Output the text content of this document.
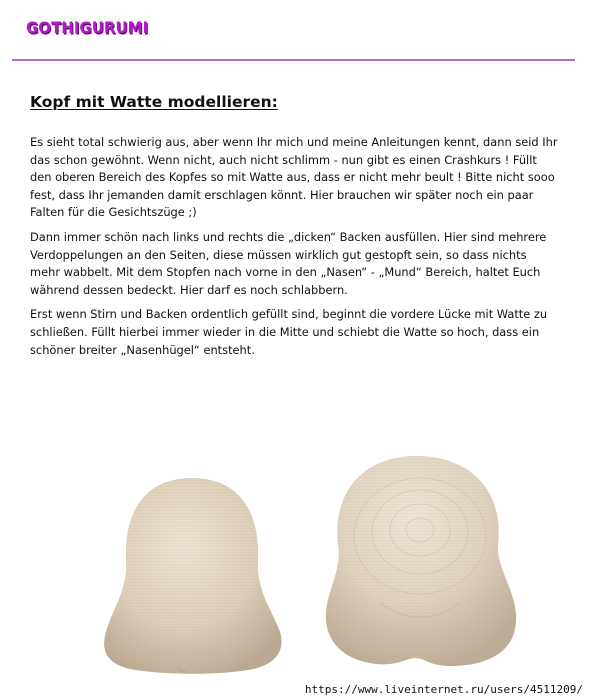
GOTHIGURUMI
Kopf mit Watte modellieren:

Es sieht total schwierig aus, aber wenn Ihr mich und meine Anleitungen kennt, dann seid Ihr das schon gewöhnt. Wenn nicht, auch nicht schlimm - nun gibt es einen Crashkurs ! Füllt den oberen Bereich des Kopfes so mit Watte aus, dass er nicht mehr beult ! Bitte nicht sooo fest, dass Ihr jemanden damit erschlagen könnt. Hier brauchen wir später noch ein paar Falten für die Gesichtszüge ;)

Dann immer schön nach links und rechts die „dicken“ Backen ausfüllen. Hier sind mehrere Verdoppelungen an den Seiten, diese müssen wirklich gut gestopft sein, so dass nichts mehr wabbelt. Mit dem Stopfen nach vorne in den „Nasen“ - „Mund“ Bereich, haltet Euch während dessen bedeckt. Hier darf es noch schlabbern.

Erst wenn Stirn und Backen ordentlich gefüllt sind, beginnt die vordere Lücke mit Watte zu schließen. Füllt hierbei immer wieder in die Mitte und schiebt die Watte so hoch, dass ein schöner breiter „Nasenhügel“ entsteht.

https://www.liveinternet.ru/users/4511209/
